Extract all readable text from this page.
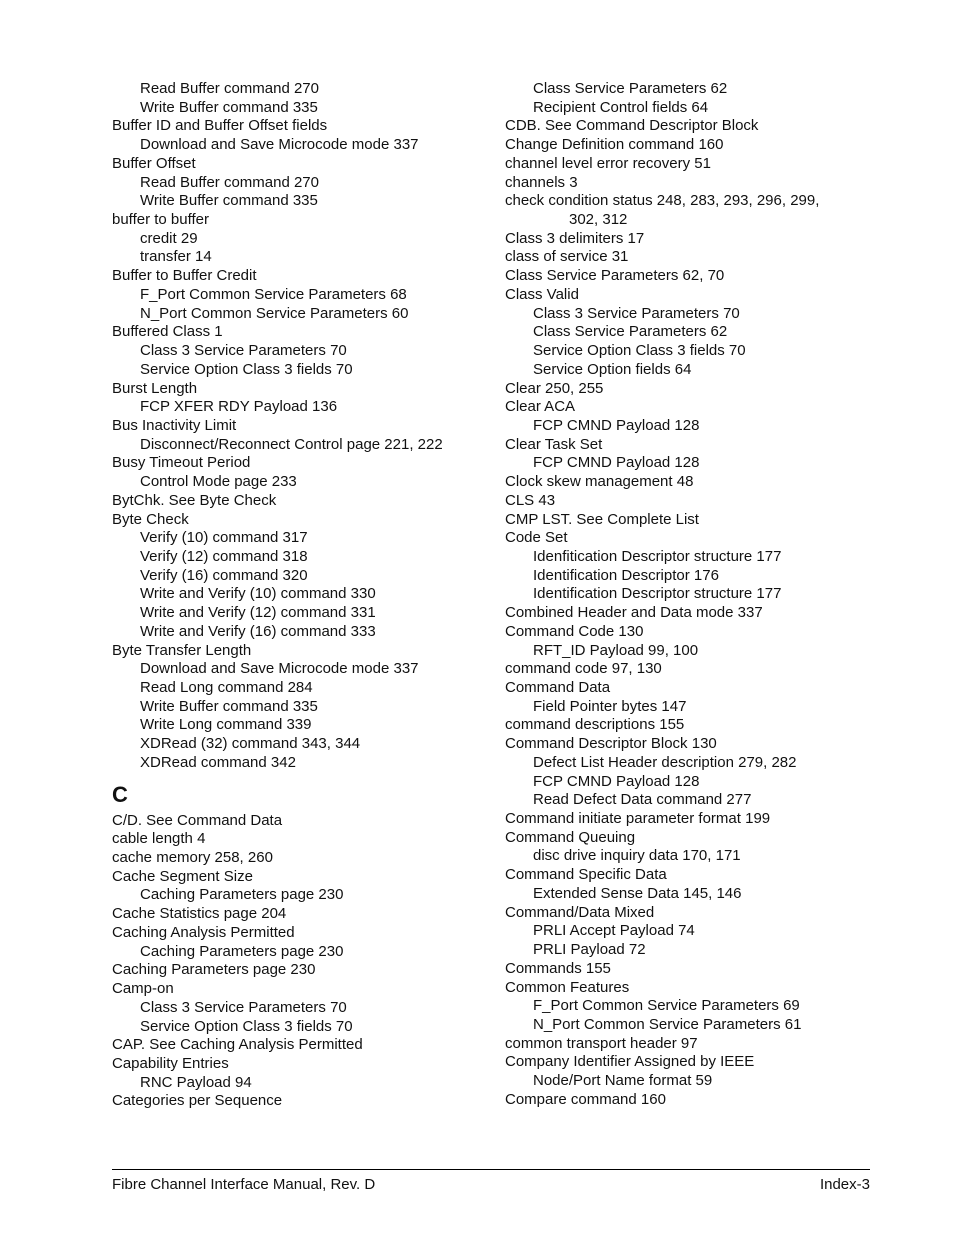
Read Buffer command 270
Write Buffer command 335
Buffer ID and Buffer Offset fields
Download and Save Microcode mode 337
Buffer Offset
Read Buffer command 270
Write Buffer command 335
buffer to buffer
credit 29
transfer 14
Buffer to Buffer Credit
F_Port Common Service Parameters 68
N_Port Common Service Parameters 60
Buffered Class 1
Class 3 Service Parameters 70
Service Option Class 3 fields 70
Burst Length
FCP XFER RDY Payload 136
Bus Inactivity Limit
Disconnect/Reconnect Control page 221, 222
Busy Timeout Period
Control Mode page 233
BytChk. See Byte Check
Byte Check
Verify (10) command 317
Verify (12) command 318
Verify (16) command 320
Write and Verify (10) command 330
Write and Verify (12) command 331
Write and Verify (16) command 333
Byte Transfer Length
Download and Save Microcode mode 337
Read Long command 284
Write Buffer command 335
Write Long command 339
XDRead (32) command 343, 344
XDRead command 342
C
C/D. See Command Data
cable length 4
cache memory 258, 260
Cache Segment Size
Caching Parameters page 230
Cache Statistics page 204
Caching Analysis Permitted
Caching Parameters page 230
Caching Parameters page 230
Camp-on
Class 3 Service Parameters 70
Service Option Class 3 fields 70
CAP. See Caching Analysis Permitted
Capability Entries
RNC Payload 94
Categories per Sequence
Class Service Parameters 62
Recipient Control fields 64
CDB. See Command Descriptor Block
Change Definition command 160
channel level error recovery 51
channels 3
check condition status 248, 283, 293, 296, 299,
302, 312
Class 3 delimiters 17
class of service 31
Class Service Parameters 62, 70
Class Valid
Class 3 Service Parameters 70
Class Service Parameters 62
Service Option Class 3 fields 70
Service Option fields 64
Clear 250, 255
Clear ACA
FCP CMND Payload 128
Clear Task Set
FCP CMND Payload 128
Clock skew management 48
CLS 43
CMP LST. See Complete List
Code Set
Idenfitication Descriptor structure 177
Identification Descriptor 176
Identification Descriptor structure 177
Combined Header and Data mode 337
Command Code 130
RFT_ID Payload 99, 100
command code 97, 130
Command Data
Field Pointer bytes 147
command descriptions 155
Command Descriptor Block 130
Defect List Header description 279, 282
FCP CMND Payload 128
Read Defect Data command 277
Command initiate parameter format 199
Command Queuing
disc drive inquiry data 170, 171
Command Specific Data
Extended Sense Data 145, 146
Command/Data Mixed
PRLI Accept Payload 74
PRLI Payload 72
Commands 155
Common Features
F_Port Common Service Parameters 69
N_Port Common Service Parameters 61
common transport header 97
Company Identifier Assigned by IEEE
Node/Port Name format 59
Compare command 160
Fibre Channel Interface Manual, Rev. D	Index-3
